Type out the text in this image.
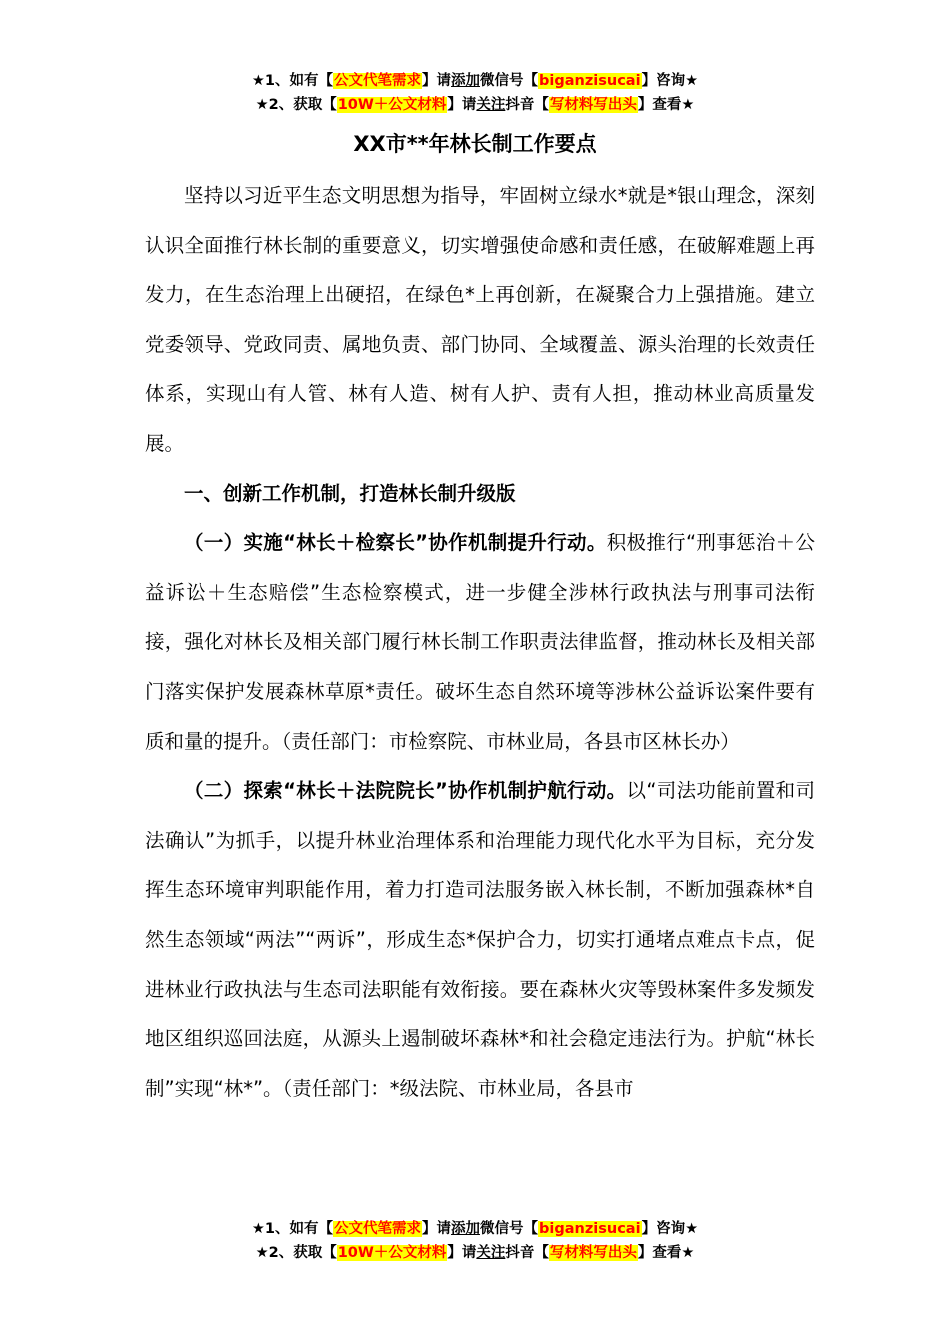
★1、如有【公文代笔需求】请添加微信号【biganzisucai】咨询★
★2、获取【10W＋公文材料】请关注抖音【写材料写出头】查看★
XX市**年林长制工作要点

坚持以习近平生态文明思想为指导，牢固树立绿水*就是*银山理念，深刻认识全面推行林长制的重要意义，切实增强使命感和责任感，在破解难题上再发力，在生态治理上出硬招，在绿色*上再创新，在凝聚合力上强措施。建立党委领导、党政同责、属地负责、部门协同、全域覆盖、源头治理的长效责任体系，实现山有人管、林有人造、树有人护、责有人担，推动林业高质量发展。

一、创新工作机制，打造林长制升级版

（一）实施“林长＋检察长”协作机制提升行动。积极推行“刑事惩治＋公益诉讼＋生态赔偿”生态检察模式，进一步健全涉林行政执法与刑事司法衔接，强化对林长及相关部门履行林长制工作职责法律监督，推动林长及相关部门落实保护发展森林草原*责任。破坏生态自然环境等涉林公益诉讼案件要有质和量的提升。（责任部门：市检察院、市林业局，各县市区林长办）

（二）探索“林长＋法院院长”协作机制护航行动。以“司法功能前置和司法确认”为抓手，以提升林业治理体系和治理能力现代化水平为目标，充分发挥生态环境审判职能作用，着力打造司法服务嵌入林长制，不断加强森林*自然生态领域“两法”“两诉”，形成生态*保护合力，切实打通堵点难点卡点，促进林业行政执法与生态司法职能有效衔接。要在森林火灾等毁林案件多发频发地区组织巡回法庭，从源头上遏制破坏森林*和社会稳定违法行为。护航“林长制”实现“林*”。（责任部门：*级法院、市林业局，各县市

★1、如有【公文代笔需求】请添加微信号【biganzisucai】咨询★
★2、获取【10W＋公文材料】请关注抖音【写材料写出头】查看★
